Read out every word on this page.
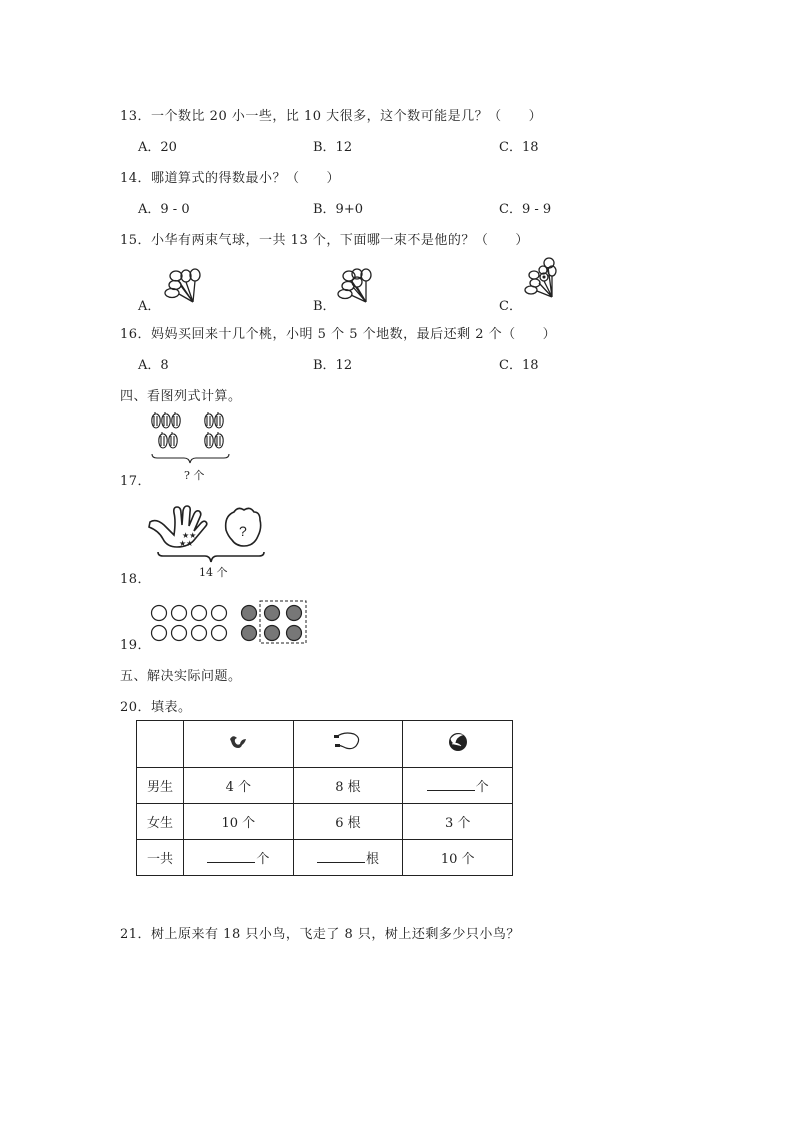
13．一个数比 20 小一些，比 10 大很多，这个数可能是几？（　　）
A．20	B．12	C．18
14．哪道算式的得数最小？（　　）
A．9 - 0	B．9+0	C．9 - 9
15．小华有两束气球，一共 13 个，下面哪一束不是他的？（　　）
A．	B．	C．
16．妈妈买回来十几个桃，小明 5 个 5 个地数，最后还剩 2 个（　　）
A．8	B．12	C．18
四、看图列式计算。
? 个
17．
★★
★★
?
14 个
18．
19．
五、解决实际问题。
20．填表。

男生	4 个	8 根	个
女生	10 个	6 根	3 个
一共	个	根	10 个
21．树上原来有 18 只小鸟，飞走了 8 只，树上还剩多少只小鸟？
